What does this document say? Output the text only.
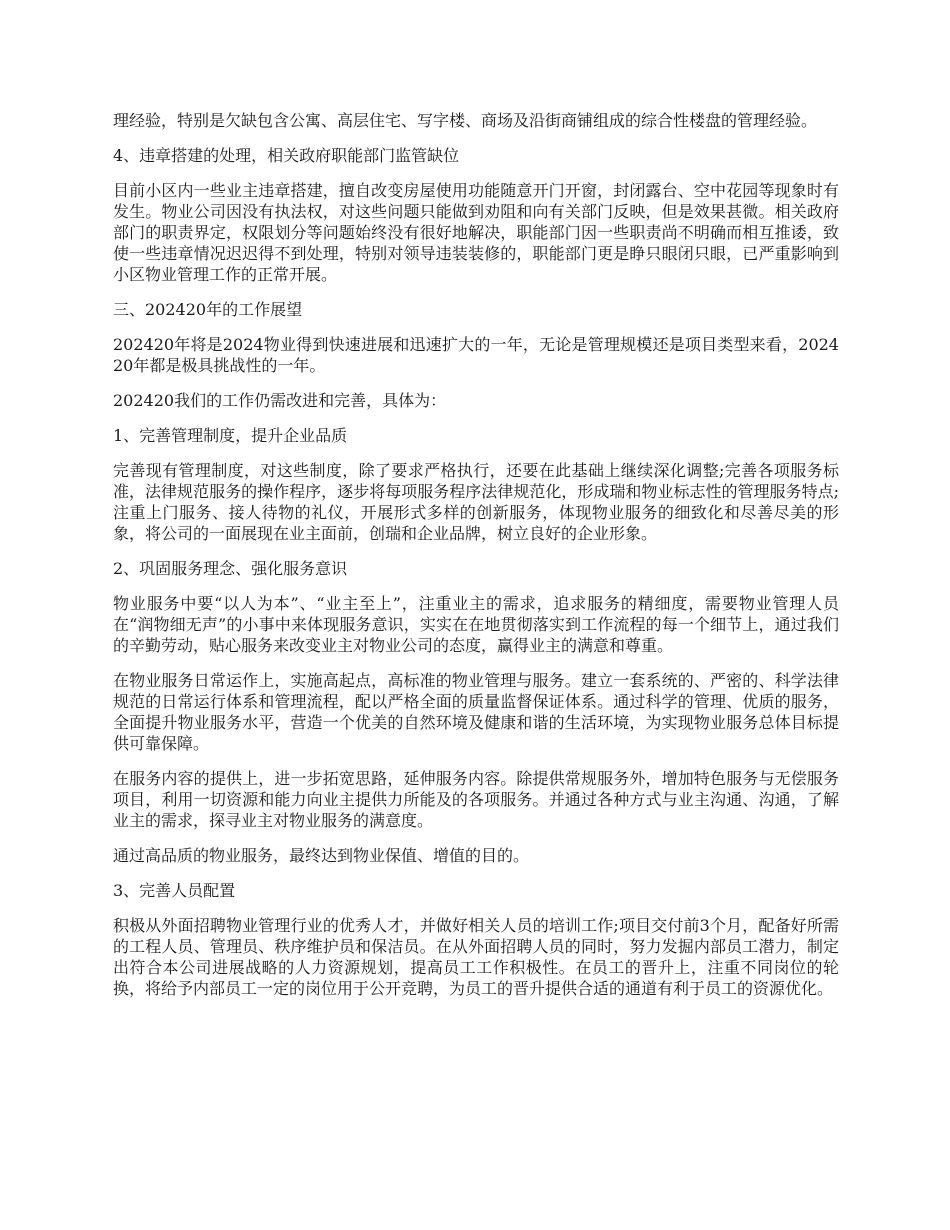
理经验，特别是欠缺包含公寓、高层住宅、写字楼、商场及沿街商铺组成的综合性楼盘的管理经验。

4、违章搭建的处理，相关政府职能部门监管缺位

目前小区内一些业主违章搭建，擅自改变房屋使用功能随意开门开窗，封闭露台、空中花园等现象时有发生。物业公司因没有执法权，对这些问题只能做到劝阻和向有关部门反映，但是效果甚微。相关政府部门的职责界定，权限划分等问题始终没有很好地解决，职能部门因一些职责尚不明确而相互推诿，致使一些违章情况迟迟得不到处理，特别对领导违装装修的，职能部门更是睁只眼闭只眼，已严重影响到小区物业管理工作的正常开展。

三、202420年的工作展望

202420年将是2024物业得到快速进展和迅速扩大的一年，无论是管理规模还是项目类型来看，202420年都是极具挑战性的一年。

202420我们的工作仍需改进和完善，具体为：

1、完善管理制度，提升企业品质

完善现有管理制度，对这些制度，除了要求严格执行，还要在此基础上继续深化调整;完善各项服务标准，法律规范服务的操作程序，逐步将每项服务程序法律规范化，形成瑞和物业标志性的管理服务特点;注重上门服务、接人待物的礼仪，开展形式多样的创新服务，体现物业服务的细致化和尽善尽美的形象，将公司的一面展现在业主面前，创瑞和企业品牌，树立良好的企业形象。

2、巩固服务理念、强化服务意识

物业服务中要“以人为本”、“业主至上”，注重业主的需求，追求服务的精细度，需要物业管理人员在“润物细无声”的小事中来体现服务意识，实实在在地贯彻落实到工作流程的每一个细节上，通过我们的辛勤劳动，贴心服务来改变业主对物业公司的态度，赢得业主的满意和尊重。

在物业服务日常运作上，实施高起点，高标准的物业管理与服务。建立一套系统的、严密的、科学法律规范的日常运行体系和管理流程，配以严格全面的质量监督保证体系。通过科学的管理、优质的服务，全面提升物业服务水平，营造一个优美的自然环境及健康和谐的生活环境，为实现物业服务总体目标提供可靠保障。

在服务内容的提供上，进一步拓宽思路，延伸服务内容。除提供常规服务外，增加特色服务与无偿服务项目，利用一切资源和能力向业主提供力所能及的各项服务。并通过各种方式与业主沟通、沟通，了解业主的需求，探寻业主对物业服务的满意度。

通过高品质的物业服务，最终达到物业保值、增值的目的。

3、完善人员配置

积极从外面招聘物业管理行业的优秀人才，并做好相关人员的培训工作;项目交付前3个月，配备好所需的工程人员、管理员、秩序维护员和保洁员。在从外面招聘人员的同时，努力发掘内部员工潜力，制定出符合本公司进展战略的人力资源规划，提高员工工作积极性。在员工的晋升上，注重不同岗位的轮换，将给予内部员工一定的岗位用于公开竞聘，为员工的晋升提供合适的通道有利于员工的资源优化。
